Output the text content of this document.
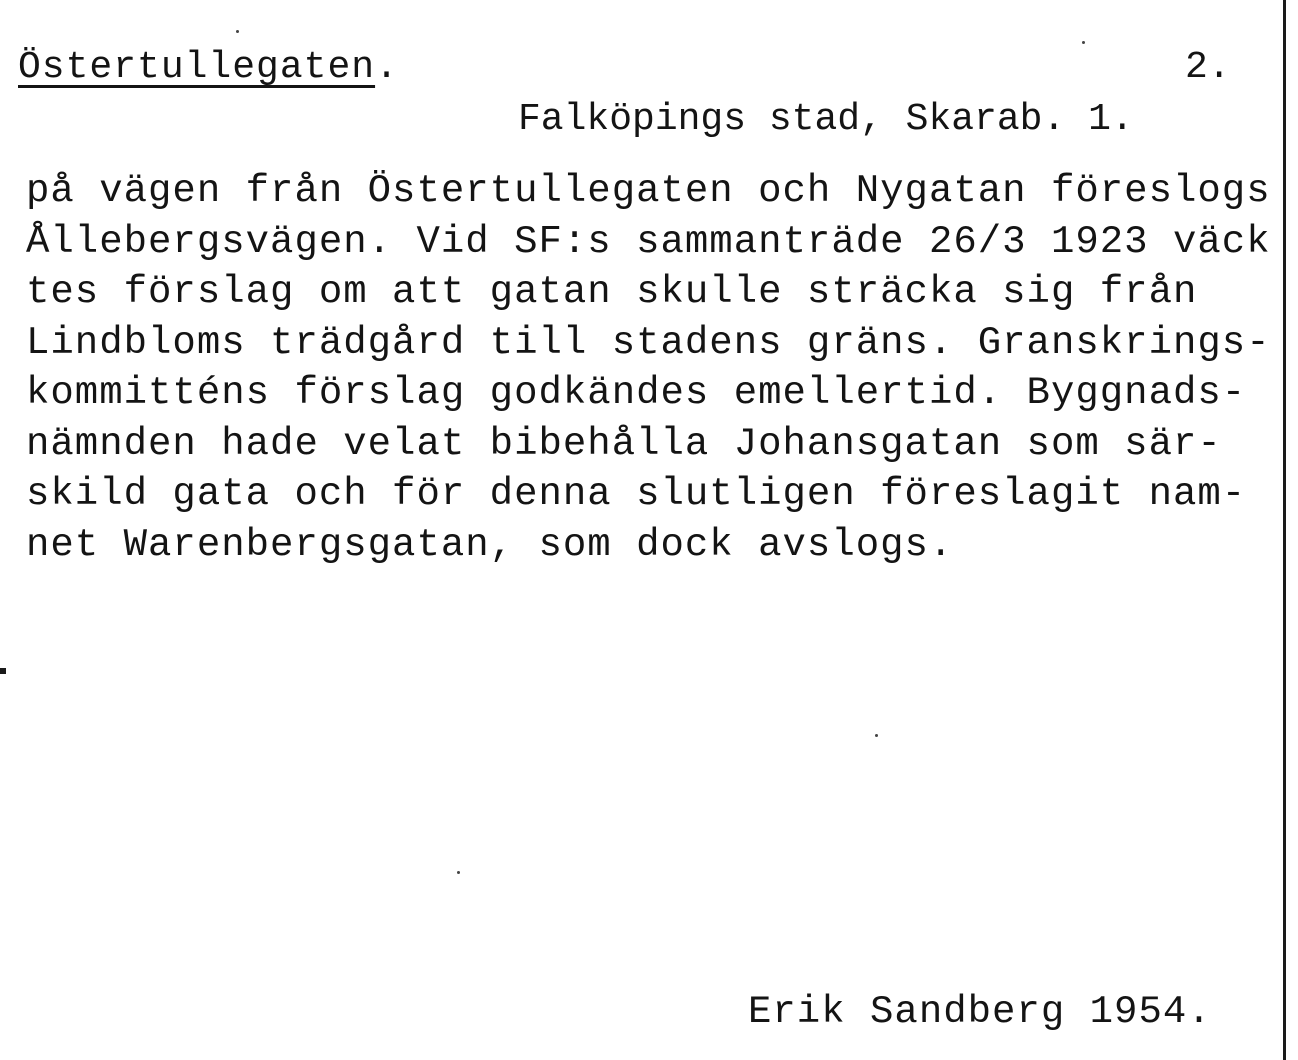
Östertullegaten.	2.
Falköpings stad, Skarab. 1.
på vägen från Östertullegaten och Nygatan föreslogs
Ållebergsvägen. Vid SF:s sammanträde 26/3 1923 väck
tes förslag om att gatan skulle sträcka sig från
Lindbloms trädgård till stadens gräns. Granskrings-
kommitténs förslag godkändes emellertid. Byggnads-
nämnden hade velat bibehålla Johansgatan som sär-
skild gata och för denna slutligen föreslagit nam-
net Warenbergsgatan, som dock avslogs.
Erik Sandberg 1954.
